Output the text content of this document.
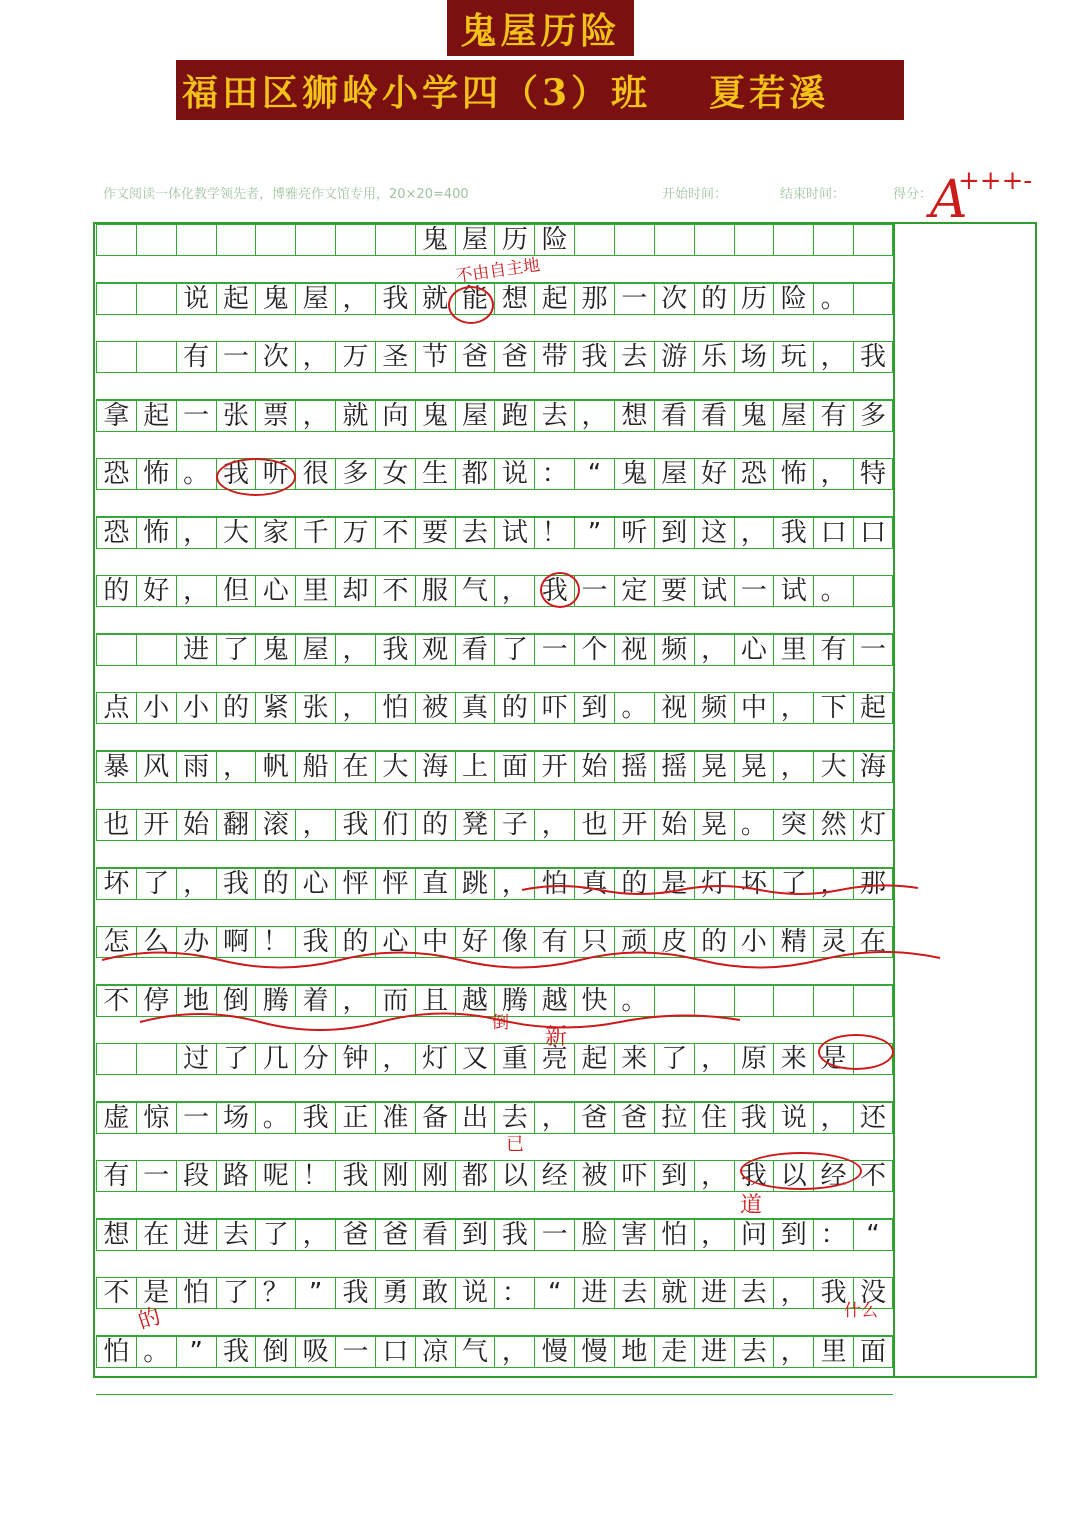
鬼屋历险
福田区狮岭小学四（3）班 夏若溪
作文阅读一体化教学领先者，博雅亮作文馆专用，20×20=400	开始时间：	结束时间：	得分：
A
+++-
鬼 屋 历 险
说 起 鬼 屋 ， 我 就 能 想 起 那 一 次 的 历 险 。
有 一 次 ， 万 圣 节 爸 爸 带 我 去 游 乐 场 玩 ， 我
拿 起 一 张 票 ， 就 向 鬼 屋 跑 去 ， 想 看 看 鬼 屋 有 多
恐 怖 。 我 听 很 多 女 生 都 说 ： “ 鬼 屋 好 恐 怖 ， 特
恐 怖 ， 大 家 千 万 不 要 去 试 ！ ” 听 到 这 ， 我 口 口
的 好 ， 但 心 里 却 不 服 气 ， 我 一 定 要 试 一 试 。
进 了 鬼 屋 ， 我 观 看 了 一 个 视 频 ， 心 里 有 一
点 小 小 的 紧 张 ， 怕 被 真 的 吓 到 。 视 频 中 ， 下 起
暴 风 雨 ， 帆 船 在 大 海 上 面 开 始 摇 摇 晃 晃 ， 大 海
也 开 始 翻 滚 ， 我 们 的 凳 子 ， 也 开 始 晃 。 突 然 灯
坏 了 ， 我 的 心 怦 怦 直 跳 ， 怕 真 的 是 灯 坏 了 ， 那
怎 么 办 啊 ！ 我 的 心 中 好 像 有 只 顽 皮 的 小 精 灵 在
不 停 地 倒 腾 着 ， 而 且 越 腾 越 快 。
过 了 几 分 钟 ， 灯 又 重 亮 起 来 了 ， 原 来 是
虚 惊 一 场 。 我 正 准 备 出 去 ， 爸 爸 拉 住 我 说 ， 还
有 一 段 路 呢 ！ 我 刚 刚 都 以 经 被 吓 到 ， 我 以 经 不
想 在 进 去 了 ， 爸 爸 看 到 我 一 脸 害 怕 ， 问 到 ： “
不 是 怕 了 ？ ” 我 勇 敢 说 ： “ 进 去 就 进 去 ， 我 没
怕 。 ” 我 倒 吸 一 口 凉 气 ， 慢 慢 地 走 进 去 ， 里 面
不由自主地
新
已
道
的	什么
倒
